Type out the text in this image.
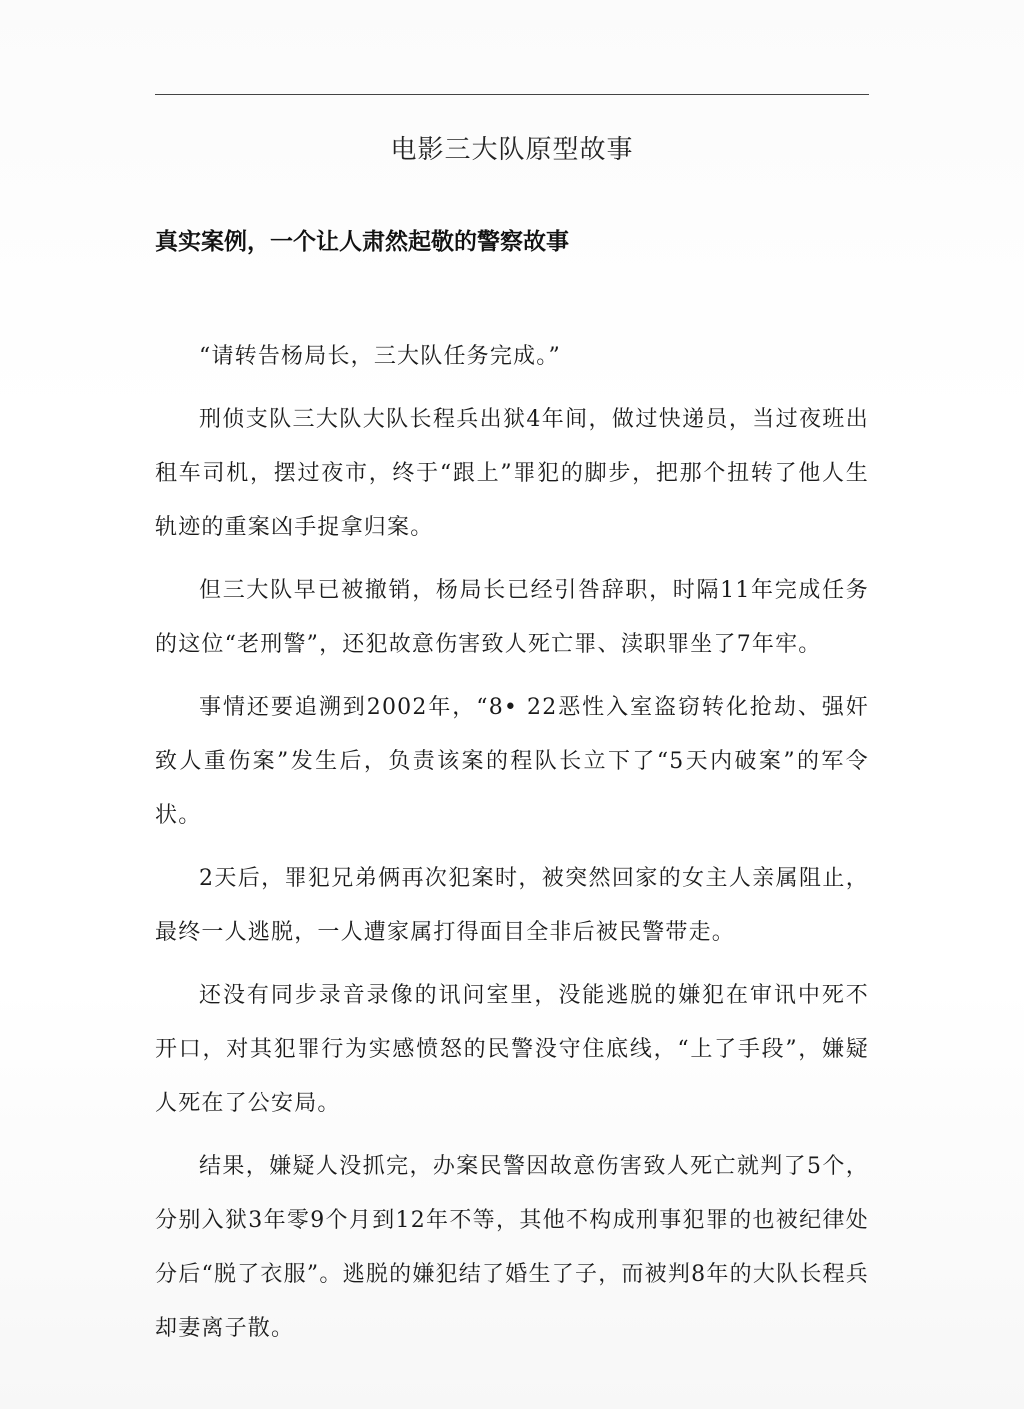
电影三大队原型故事
真实案例，一个让人肃然起敬的警察故事

“请转告杨局长，三大队任务完成。”

刑侦支队三大队大队长程兵出狱4年间，做过快递员，当过夜班出租车司机，摆过夜市，终于“跟上”罪犯的脚步，把那个扭转了他人生轨迹的重案凶手捉拿归案。

但三大队早已被撤销，杨局长已经引咎辞职，时隔11年完成任务的这位“老刑警”，还犯故意伤害致人死亡罪、渎职罪坐了7年牢。

事情还要追溯到2002年，“8• 22恶性入室盗窃转化抢劫、强奸致人重伤案”发生后，负责该案的程队长立下了“5天内破案”的军令状。

2天后，罪犯兄弟俩再次犯案时，被突然回家的女主人亲属阻止，最终一人逃脱，一人遭家属打得面目全非后被民警带走。

还没有同步录音录像的讯问室里，没能逃脱的嫌犯在审讯中死不开口，对其犯罪行为实感愤怒的民警没守住底线，“上了手段”，嫌疑人死在了公安局。

结果，嫌疑人没抓完，办案民警因故意伤害致人死亡就判了5个，分别入狱3年零9个月到12年不等，其他不构成刑事犯罪的也被纪律处分后“脱了衣服”。逃脱的嫌犯结了婚生了子，而被判8年的大队长程兵却妻离子散。
